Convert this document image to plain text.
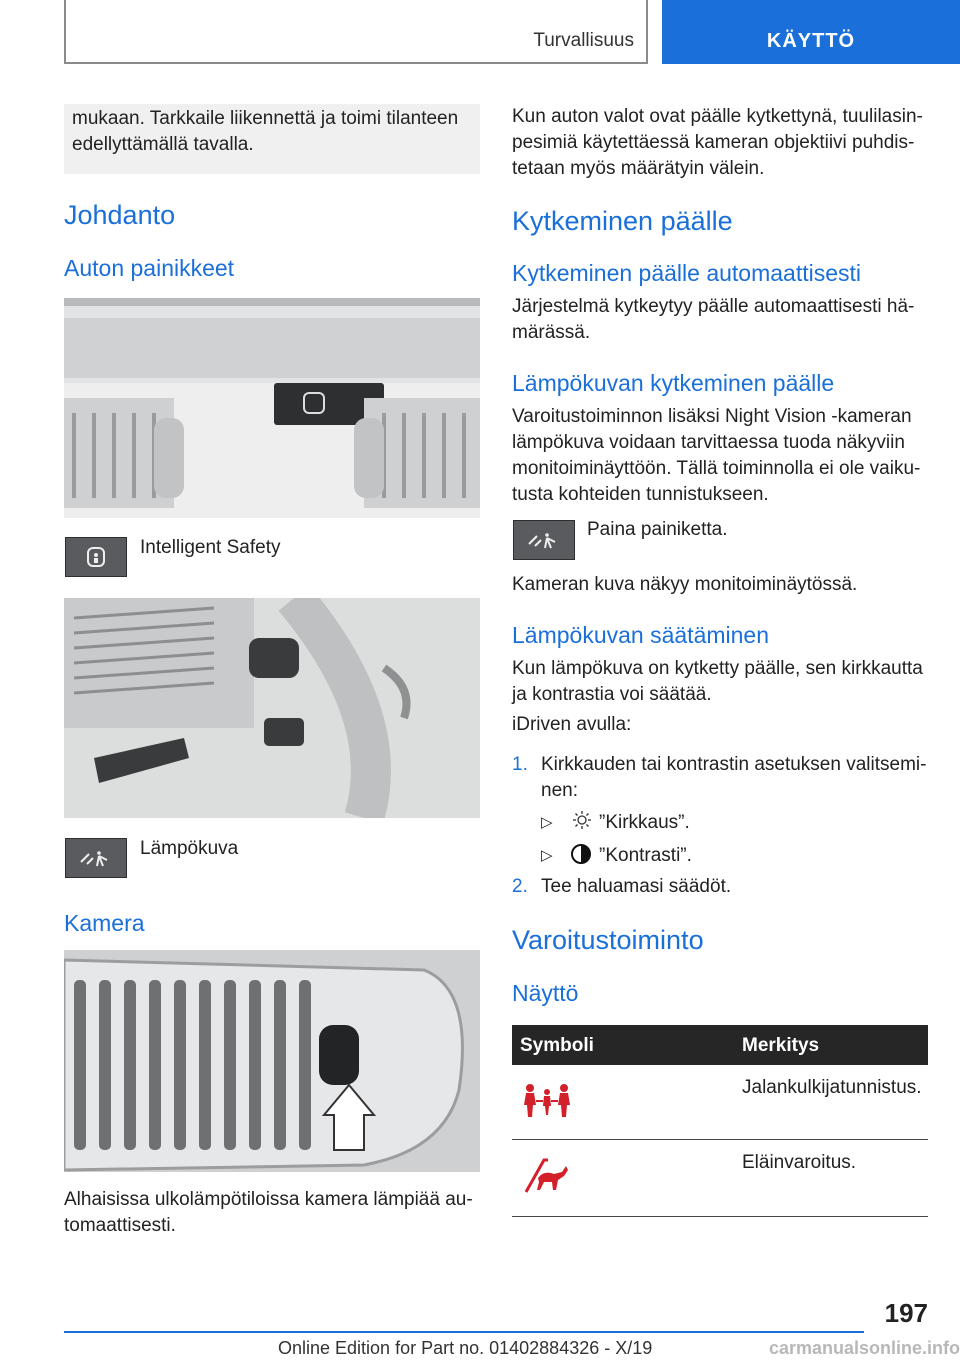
Turvallisuus	KÄYTTÖ
mukaan. Tarkkaile liikennettä ja toimi tilanteen edellyttämällä tavalla.
Johdanto
Auton painikkeet
Intelligent Safety
Lämpökuva
Kamera
Alhaisissa ulkolämpötiloissa kamera lämpiää au‐tomaattisesti.
Kun auton valot ovat päälle kytkettynä, tuulilasin‐pesimiä käytettäessä kameran objektiivi puhdis‐tetaan myös määrätyin välein.
Kytkeminen päälle
Kytkeminen päälle automaattisesti
Järjestelmä kytkeytyy päälle automaattisesti hä‐märässä.
Lämpökuvan kytkeminen päälle
Varoitustoiminnon lisäksi Night Vision -kameran lämpökuva voidaan tarvittaessa tuoda näkyviin monitoiminäyttöön. Tällä toiminnolla ei ole vaiku‐tusta kohteiden tunnistukseen.
Paina painiketta.
Kameran kuva näkyy monitoiminäytössä.
Lämpökuvan säätäminen
Kun lämpökuva on kytketty päälle, sen kirkkautta ja kontrastia voi säätää.
iDriven avulla:
1. Kirkkauden tai kontrastin asetuksen valitsemi‐nen:
▷ ”Kirkkaus”.
▷ ”Kontrasti”.
2. Tee haluamasi säädöt.
Varoitustoiminto
Näyttö
Symboli	Merkitys
Jalankulkijatunnistus.
Eläinvaroitus.
197
Online Edition for Part no. 01402884326 - X/19	carmanualsonline.info
